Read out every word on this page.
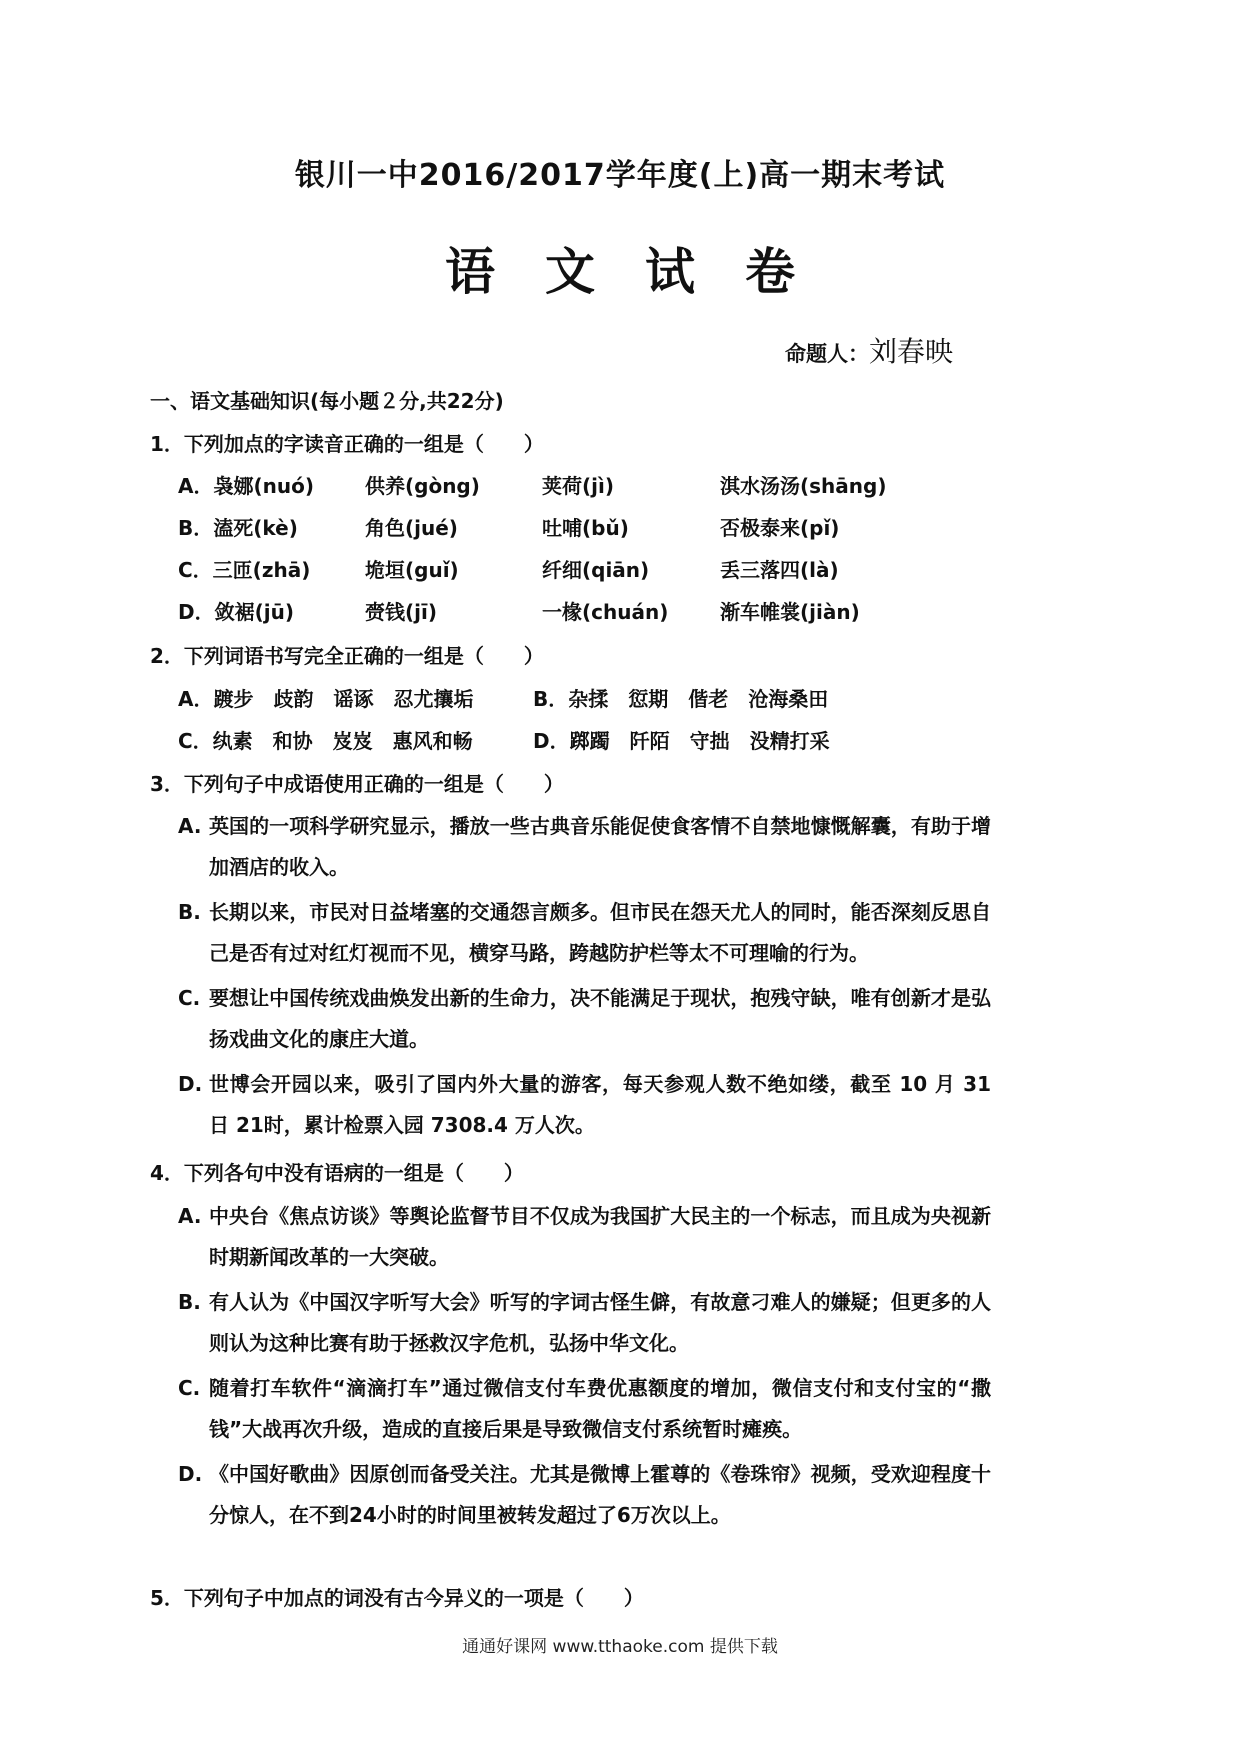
银川一中2016/2017学年度(上)高一期末考试
语文试卷
命题人：刘春映
一、语文基础知识(每小题２分,共22分)
1．下列加点的字读音正确的一组是（　　）
A．袅娜(nuó)	供养(gòng)	荚荷(jì)	淇水汤汤(shāng)
B．溘死(kè)	角色(jué)	吐哺(bǔ)	否极泰来(pǐ)
C．三匝(zhā)	垝垣(guǐ)	纤细(qiān)	丢三落四(là)
D．敛裾(jū)	赍钱(jī)	一椽(chuán)	渐车帷裳(jiàn)
2．下列词语书写完全正确的一组是（　　）
A．踱步　歧韵　谣诼　忍尤攘垢	B．杂揉　愆期　偕老　沧海桑田
C．纨素　和协　岌岌　惠风和畅	D．踯躅　阡陌　守拙　没精打采
3．下列句子中成语使用正确的一组是（　　）
A. 英国的一项科学研究显示，播放一些古典音乐能促使食客情不自禁地慷慨解囊，有助于增加酒店的收入。
B. 长期以来，市民对日益堵塞的交通怨言颇多。但市民在怨天尤人的同时，能否深刻反思自己是否有过对红灯视而不见，横穿马路，跨越防护栏等太不可理喻的行为。
C. 要想让中国传统戏曲焕发出新的生命力，决不能满足于现状，抱残守缺，唯有创新才是弘扬戏曲文化的康庄大道。
D. 世博会开园以来，吸引了国内外大量的游客，每天参观人数不绝如缕，截至 10 月 31 日 21时，累计检票入园 7308.4 万人次。
4．下列各句中没有语病的一组是（　　）
A. 中央台《焦点访谈》等舆论监督节目不仅成为我国扩大民主的一个标志，而且成为央视新时期新闻改革的一大突破。
B. 有人认为《中国汉字听写大会》听写的字词古怪生僻，有故意刁难人的嫌疑；但更多的人则认为这种比赛有助于拯救汉字危机，弘扬中华文化。
C. 随着打车软件“滴滴打车”通过微信支付车费优惠额度的增加，微信支付和支付宝的“撒钱”大战再次升级，造成的直接后果是导致微信支付系统暂时瘫痪。
D. 《中国好歌曲》因原创而备受关注。尤其是微博上霍尊的《卷珠帘》视频，受欢迎程度十分惊人，在不到24小时的时间里被转发超过了6万次以上。
5．下列句子中加点的词没有古今异义的一项是（　　）
通通好课网 www.tthaoke.com 提供下载
